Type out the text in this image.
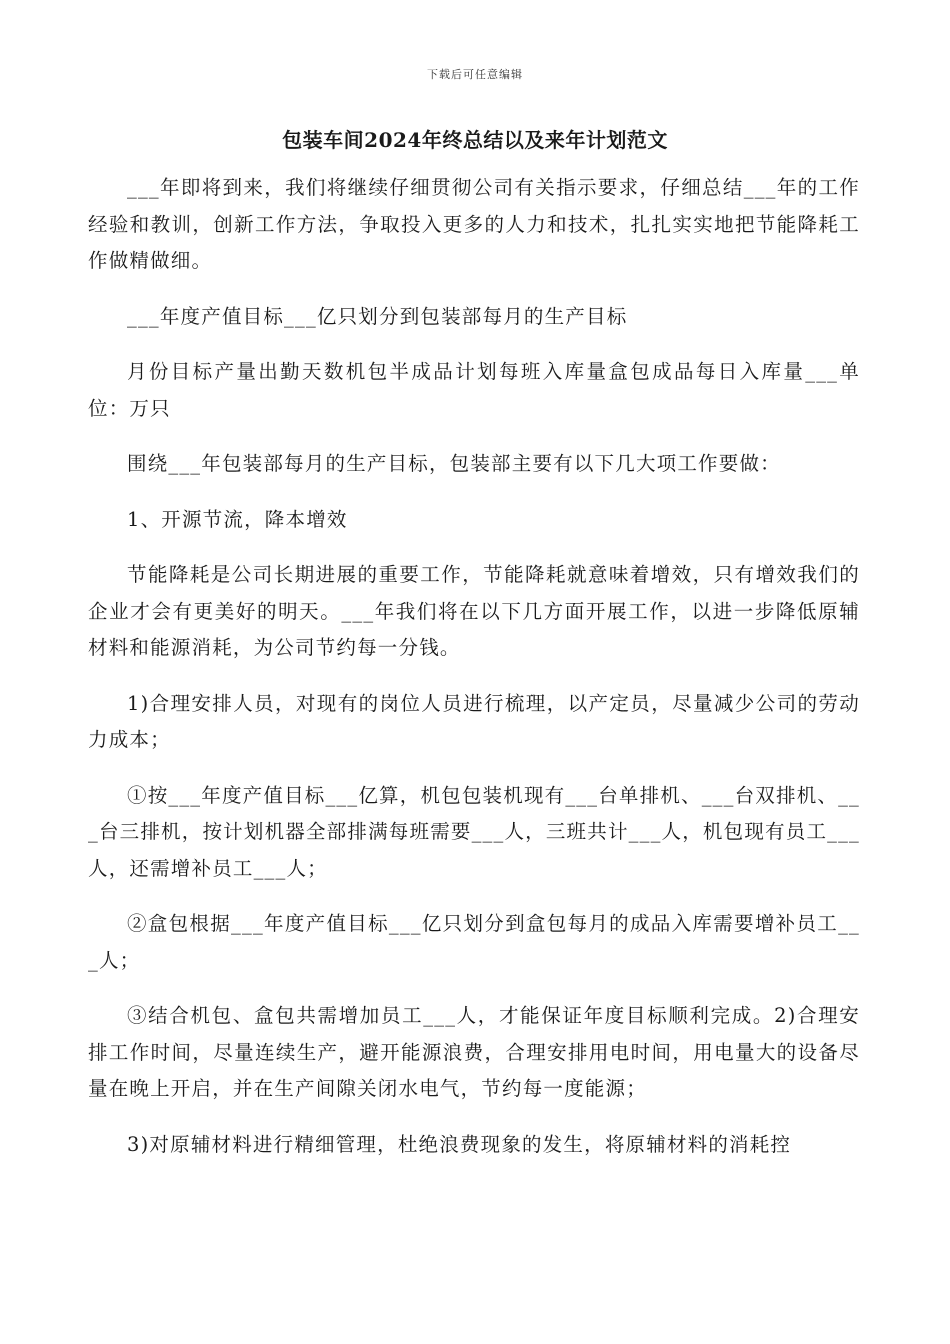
下载后可任意编辑
包装车间2024年终总结以及来年计划范文

___年即将到来，我们将继续仔细贯彻公司有关指示要求，仔细总结___年的工作经验和教训，创新工作方法，争取投入更多的人力和技术，扎扎实实地把节能降耗工作做精做细。

___年度产值目标___亿只划分到包装部每月的生产目标

月份目标产量出勤天数机包半成品计划每班入库量盒包成品每日入库量___单位：万只

围绕___年包装部每月的生产目标，包装部主要有以下几大项工作要做：

1、开源节流，降本增效

节能降耗是公司长期进展的重要工作，节能降耗就意味着增效，只有增效我们的企业才会有更美好的明天。___年我们将在以下几方面开展工作，以进一步降低原辅材料和能源消耗，为公司节约每一分钱。

1)合理安排人员，对现有的岗位人员进行梳理，以产定员，尽量减少公司的劳动力成本；

①按___年度产值目标___亿算，机包包装机现有___台单排机、___台双排机、___台三排机，按计划机器全部排满每班需要___人，三班共计___人，机包现有员工___人，还需增补员工___人；

②盒包根据___年度产值目标___亿只划分到盒包每月的成品入库需要增补员工___人；

③结合机包、盒包共需增加员工___人，才能保证年度目标顺利完成。2)合理安排工作时间，尽量连续生产，避开能源浪费，合理安排用电时间，用电量大的设备尽量在晚上开启，并在生产间隙关闭水电气，节约每一度能源；

3)对原辅材料进行精细管理，杜绝浪费现象的发生，将原辅材料的消耗控
